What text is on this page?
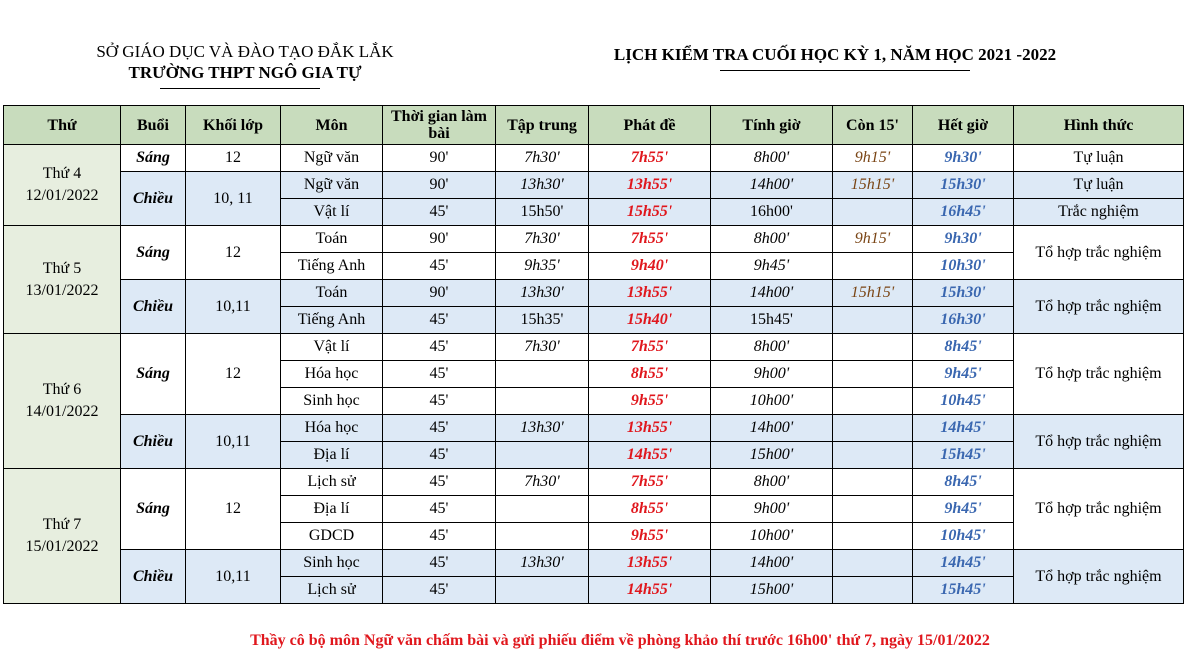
SỞ GIÁO DỤC VÀ ĐÀO TẠO ĐẮK LẮK
TRƯỜNG THPT NGÔ GIA TỰ
LỊCH KIỂM TRA CUỐI HỌC KỲ 1, NĂM HỌC 2021 -2022
Thứ	Buổi	Khối lớp	Môn	Thời gian làm bài	Tập trung	Phát đề	Tính giờ	Còn 15'	Hết giờ	Hình thức
Thứ 4
12/01/2022	Sáng	12	Ngữ văn	90'	7h30'	7h55'	8h00'	9h15'	9h30'	Tự luận
	Chiều	10, 11	Ngữ văn	90'	13h30'	13h55'	14h00'	15h15'	15h30'	Tự luận
			Vật lí	45'	15h50'	15h55'	16h00'		16h45'	Trắc nghiệm
Thứ 5
13/01/2022	Sáng	12	Toán	90'	7h30'	7h55'	8h00'	9h15'	9h30'	Tổ hợp trắc nghiệm
			Tiếng Anh	45'	9h35'	9h40'	9h45'		10h30'	
	Chiều	10,11	Toán	90'	13h30'	13h55'	14h00'	15h15'	15h30'	Tổ hợp trắc nghiệm
			Tiếng Anh	45'	15h35'	15h40'	15h45'		16h30'	
Thứ 6
14/01/2022	Sáng	12	Vật lí	45'	7h30'	7h55'	8h00'		8h45'	Tổ hợp trắc nghiệm
			Hóa học	45'		8h55'	9h00'		9h45'	
			Sinh học	45'		9h55'	10h00'		10h45'	
	Chiều	10,11	Hóa học	45'	13h30'	13h55'	14h00'		14h45'	Tổ hợp trắc nghiệm
			Địa lí	45'		14h55'	15h00'		15h45'	
Thứ 7
15/01/2022	Sáng	12	Lịch sử	45'	7h30'	7h55'	8h00'		8h45'	Tổ hợp trắc nghiệm
			Địa lí	45'		8h55'	9h00'		9h45'	
			GDCD	45'		9h55'	10h00'		10h45'	
	Chiều	10,11	Sinh học	45'	13h30'	13h55'	14h00'		14h45'	Tổ hợp trắc nghiệm
			Lịch sử	45'		14h55'	15h00'		15h45'	
Thầy cô bộ môn Ngữ văn chấm bài và gửi phiếu điểm về phòng khảo thí trước 16h00' thứ 7, ngày 15/01/2022
